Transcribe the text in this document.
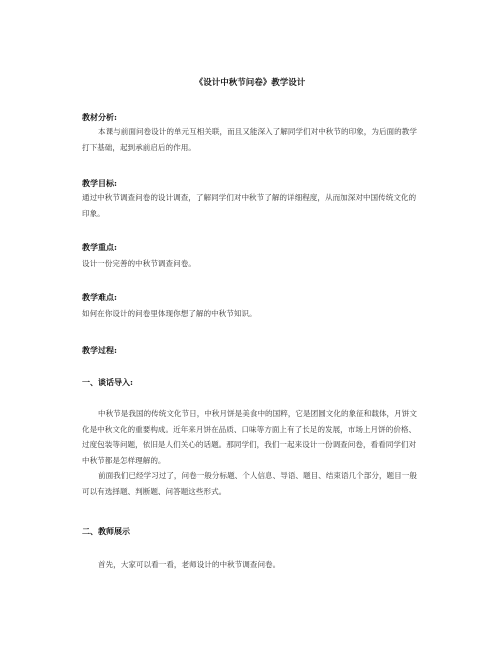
《设计中秋节问卷》教学设计
教材分析:
本课与前面问卷设计的单元互相关联，而且又能深入了解同学们对中秋节的印象，为后面的教学打下基础，起到承前启后的作用。
教学目标:
通过中秋节调查问卷的设计调查，了解同学们对中秋节了解的详细程度，从而加深对中国传统文化的印象。
教学重点:
设计一份完善的中秋节调查问卷。
教学难点:
如何在你设计的问卷里体现你想了解的中秋节知识。
教学过程:
一、谈话导入:
中秋节是我国的传统文化节日，中秋月饼是美食中的国粹，它是团圆文化的象征和载体，月饼文化是中秋文化的重要构成。近年来月饼在品质、口味等方面上有了长足的发展，市场上月饼的价格、过度包装等问题，依旧是人们关心的话题。那同学们，我们一起来设计一份调查问卷，看看同学们对中秋节都是怎样理解的。
前面我们已经学习过了，问卷一般分标题、个人信息、导语、题目、结束语几个部分，题目一般可以有选择题、判断题、问答题这些形式。
二、教师展示
首先，大家可以看一看，老师设计的中秋节调查问卷。
